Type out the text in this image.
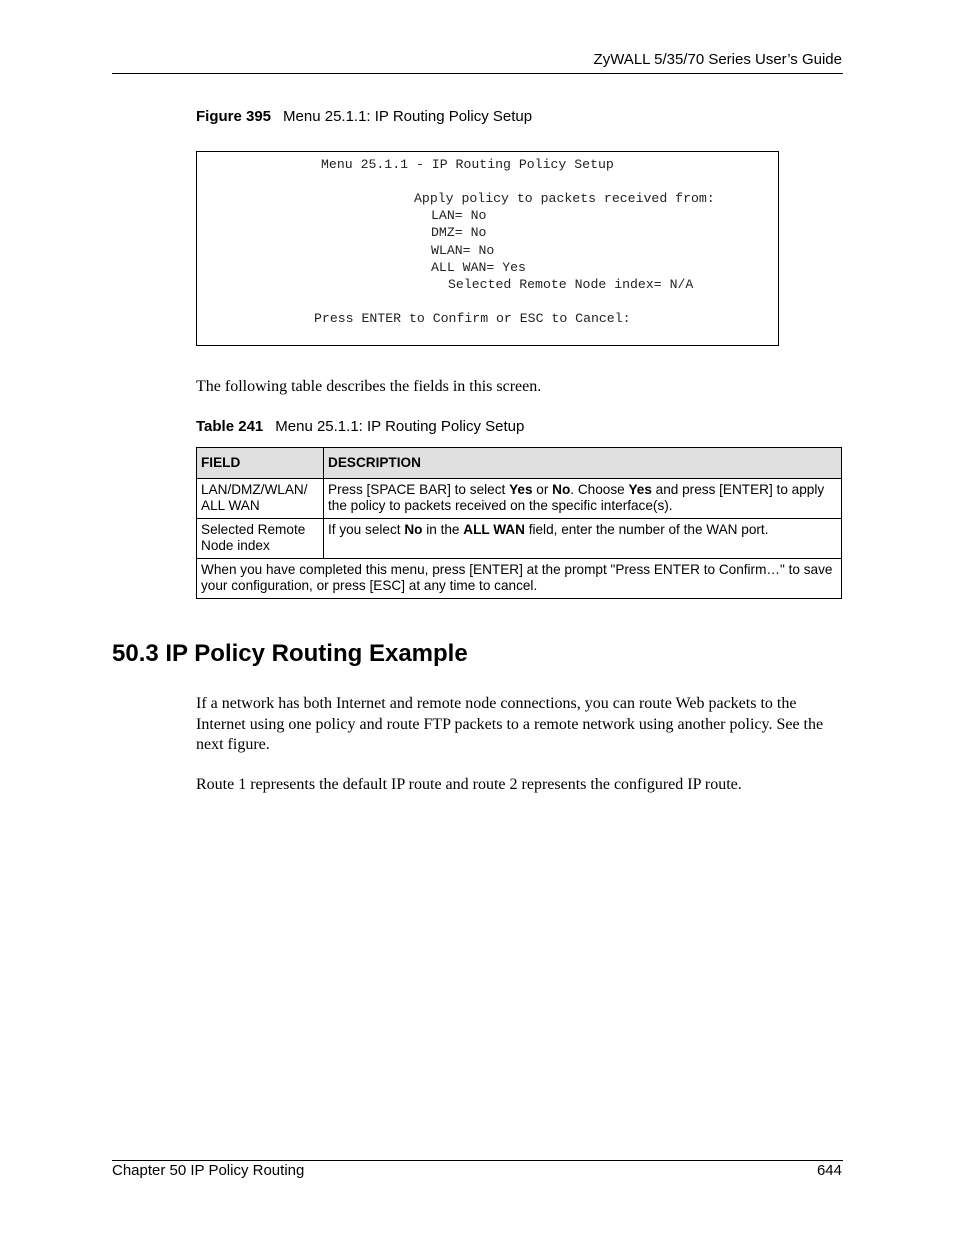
ZyWALL 5/35/70 Series User’s Guide
Figure 395 Menu 25.1.1: IP Routing Policy Setup
Menu 25.1.1 - IP Routing Policy Setup
Apply policy to packets received from:
LAN= No
DMZ= No
WLAN= No
ALL WAN= Yes
Selected Remote Node index= N/A
Press ENTER to Confirm or ESC to Cancel:
The following table describes the fields in this screen.
Table 241 Menu 25.1.1: IP Routing Policy Setup
FIELD	DESCRIPTION
LAN/DMZ/WLAN/ ALL WAN	Press [SPACE BAR] to select Yes or No. Choose Yes and press [ENTER] to apply the policy to packets received on the specific interface(s).
Selected Remote Node index	If you select No in the ALL WAN field, enter the number of the WAN port.
When you have completed this menu, press [ENTER] at the prompt "Press ENTER to Confirm…" to save your configuration, or press [ESC] at any time to cancel.	
50.3 IP Policy Routing Example
If a network has both Internet and remote node connections, you can route Web packets to the Internet using one policy and route FTP packets to a remote network using another policy. See the next figure.
Route 1 represents the default IP route and route 2 represents the configured IP route.
Chapter 50 IP Policy Routing	644
